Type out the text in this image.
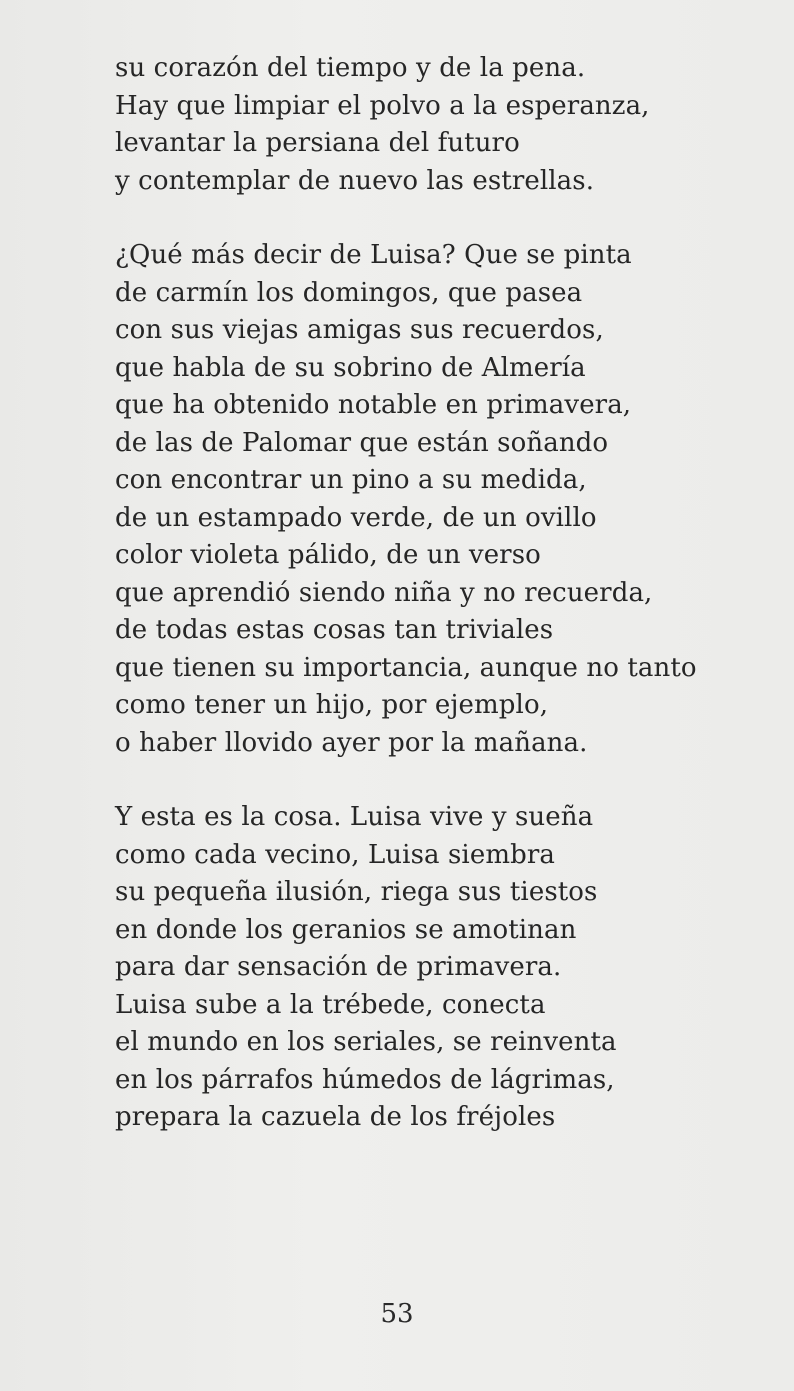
su corazón del tiempo y de la pena.
Hay que limpiar el polvo a la esperanza,
levantar la persiana del futuro
y contemplar de nuevo las estrellas.

¿Qué más decir de Luisa? Que se pinta
de carmín los domingos, que pasea
con sus viejas amigas sus recuerdos,
que habla de su sobrino de Almería
que ha obtenido notable en primavera,
de las de Palomar que están soñando
con encontrar un pino a su medida,
de un estampado verde, de un ovillo
color violeta pálido, de un verso
que aprendió siendo niña y no recuerda,
de todas estas cosas tan triviales
que tienen su importancia, aunque no tanto
como tener un hijo, por ejemplo,
o haber llovido ayer por la mañana.

Y esta es la cosa. Luisa vive y sueña
como cada vecino, Luisa siembra
su pequeña ilusión, riega sus tiestos
en donde los geranios se amotinan
para dar sensación de primavera.
Luisa sube a la trébede, conecta
el mundo en los seriales, se reinventa
en los párrafos húmedos de lágrimas,
prepara la cazuela de los fréjoles

53
